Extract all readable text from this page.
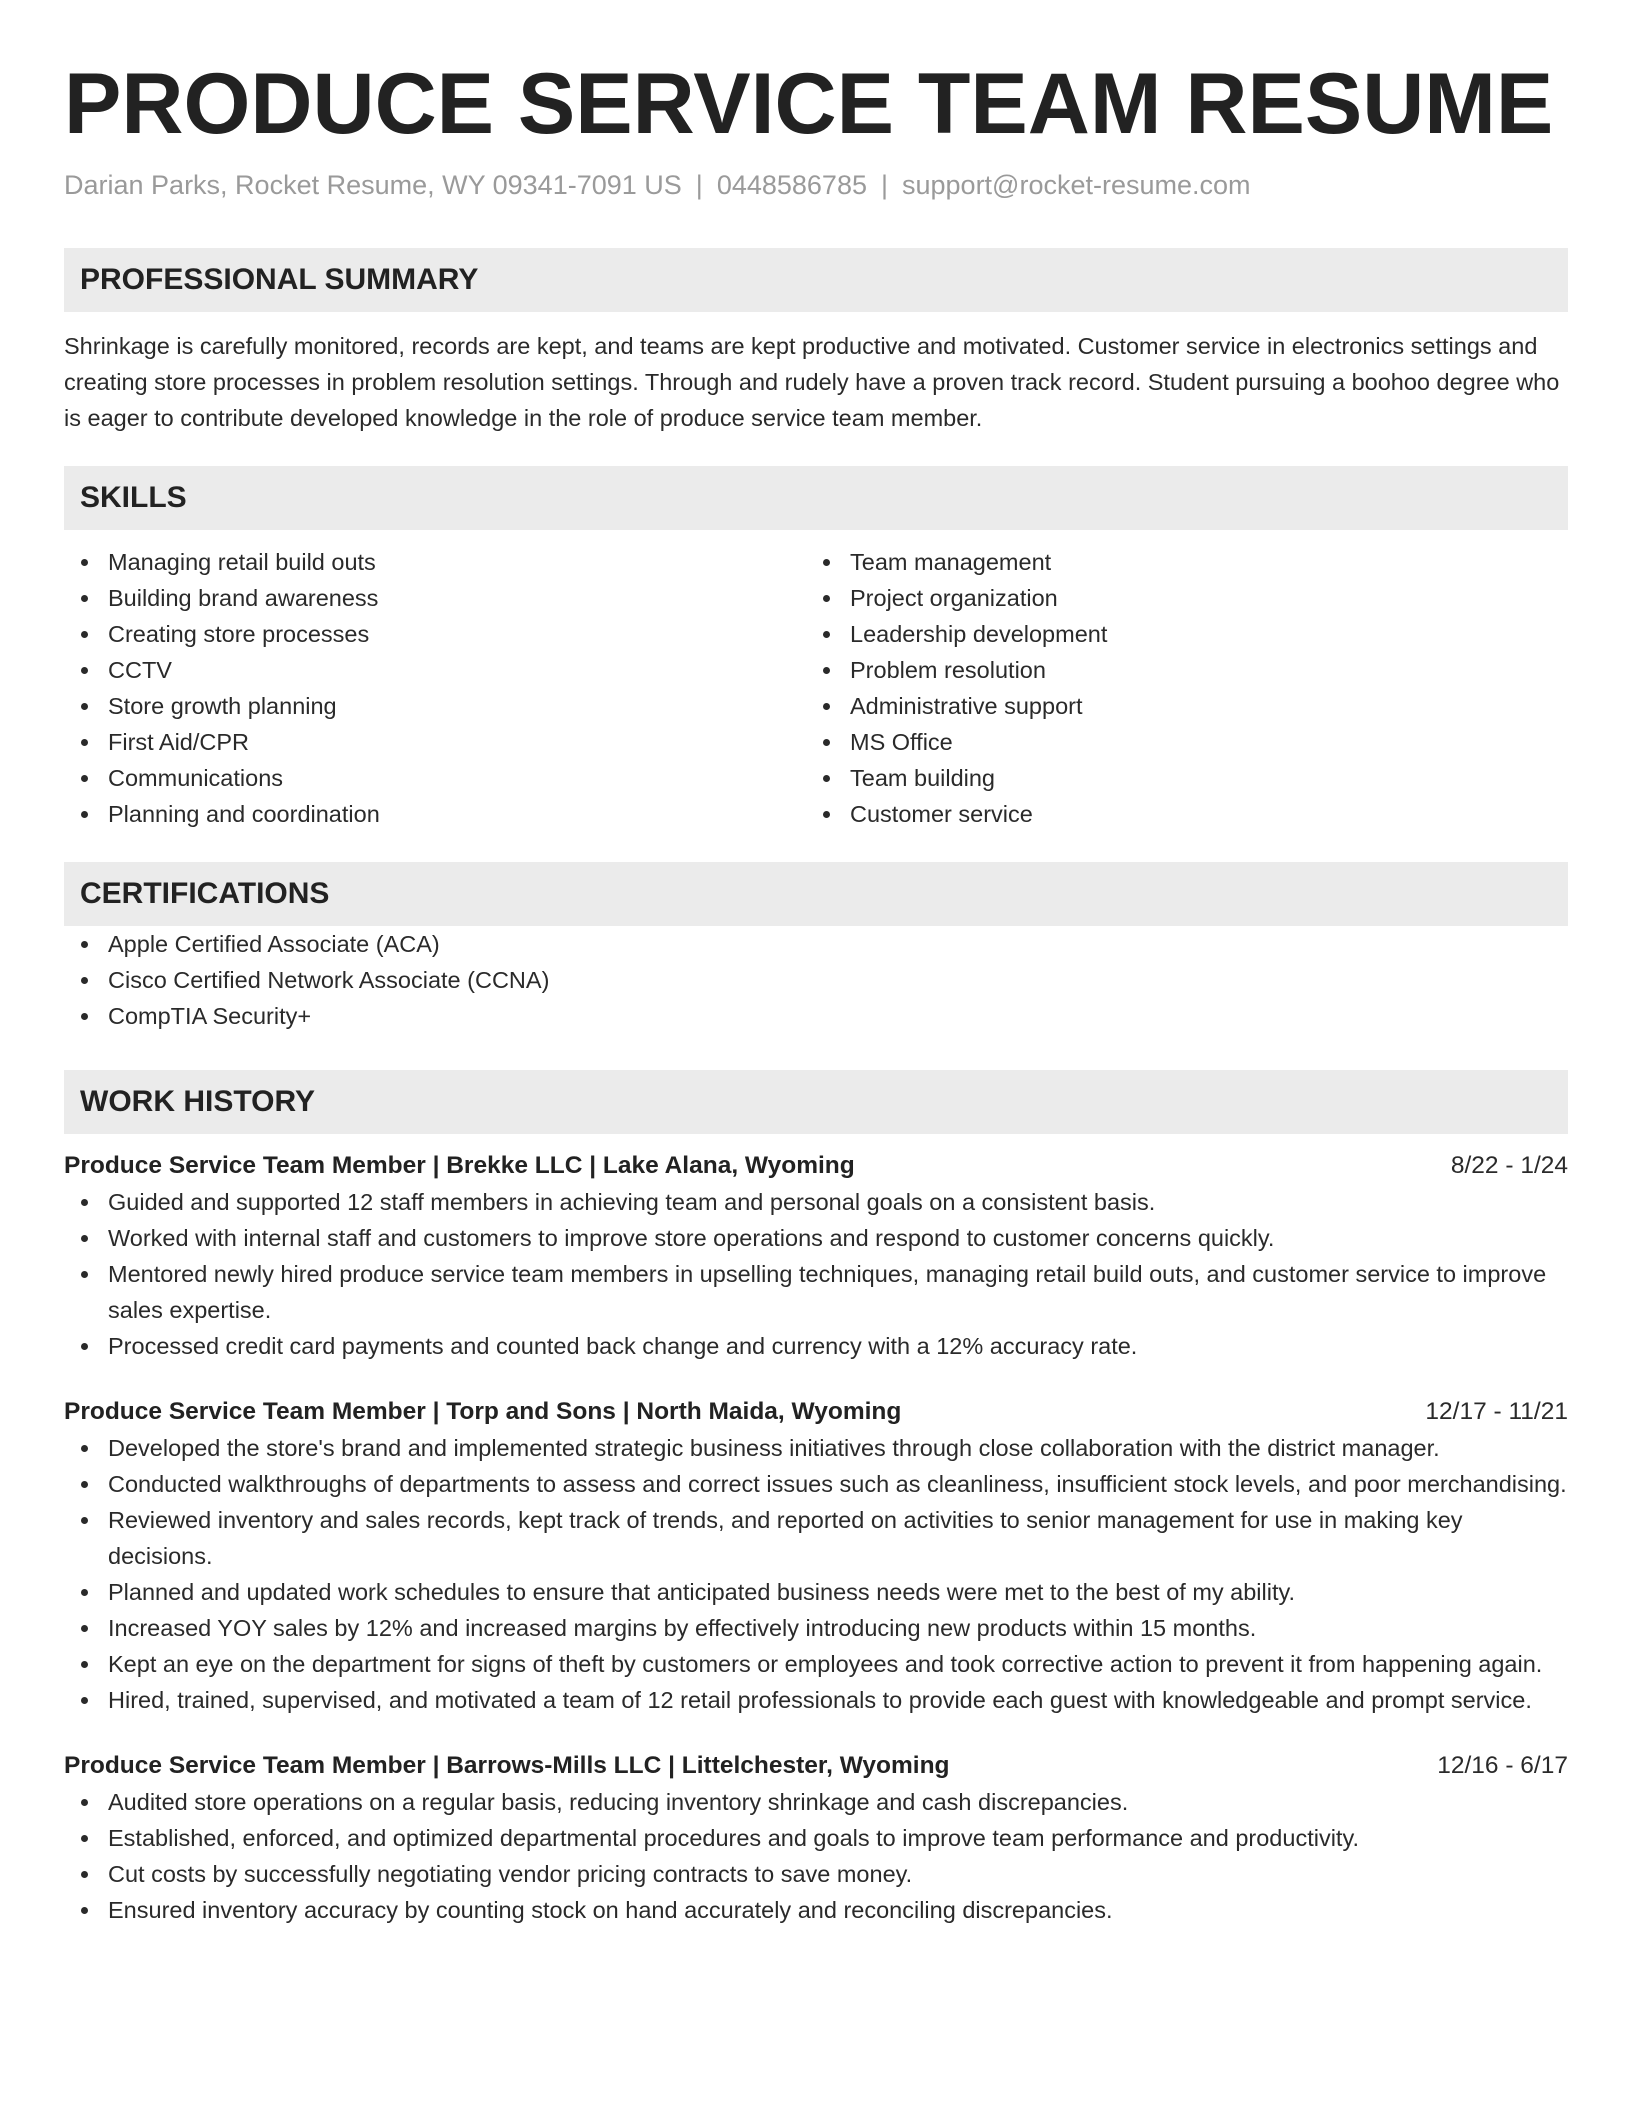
PRODUCE SERVICE TEAM RESUME
Darian Parks, Rocket Resume, WY 09341-7091 US | 0448586785 | support@rocket-resume.com
PROFESSIONAL SUMMARY

Shrinkage is carefully monitored, records are kept, and teams are kept productive and motivated. Customer service in electronics settings and creating store processes in problem resolution settings. Through and rudely have a proven track record. Student pursuing a boohoo degree who is eager to contribute developed knowledge in the role of produce service team member.

SKILLS
Managing retail build outs
Building brand awareness
Creating store processes
CCTV
Store growth planning
First Aid/CPR
Communications
Planning and coordination
Team management
Project organization
Leadership development
Problem resolution
Administrative support
MS Office
Team building
Customer service
CERTIFICATIONS
Apple Certified Associate (ACA)
Cisco Certified Network Associate (CCNA)
CompTIA Security+
WORK HISTORY
Produce Service Team Member | Brekke LLC | Lake Alana, Wyoming	8/22 - 1/24
Guided and supported 12 staff members in achieving team and personal goals on a consistent basis.
Worked with internal staff and customers to improve store operations and respond to customer concerns quickly.
Mentored newly hired produce service team members in upselling techniques, managing retail build outs, and customer service to improve sales expertise.
Processed credit card payments and counted back change and currency with a 12% accuracy rate.
Produce Service Team Member | Torp and Sons | North Maida, Wyoming	12/17 - 11/21
Developed the store's brand and implemented strategic business initiatives through close collaboration with the district manager.
Conducted walkthroughs of departments to assess and correct issues such as cleanliness, insufficient stock levels, and poor merchandising.
Reviewed inventory and sales records, kept track of trends, and reported on activities to senior management for use in making key decisions.
Planned and updated work schedules to ensure that anticipated business needs were met to the best of my ability.
Increased YOY sales by 12% and increased margins by effectively introducing new products within 15 months.
Kept an eye on the department for signs of theft by customers or employees and took corrective action to prevent it from happening again.
Hired, trained, supervised, and motivated a team of 12 retail professionals to provide each guest with knowledgeable and prompt service.
Produce Service Team Member | Barrows-Mills LLC | Littelchester, Wyoming	12/16 - 6/17
Audited store operations on a regular basis, reducing inventory shrinkage and cash discrepancies.
Established, enforced, and optimized departmental procedures and goals to improve team performance and productivity.
Cut costs by successfully negotiating vendor pricing contracts to save money.
Ensured inventory accuracy by counting stock on hand accurately and reconciling discrepancies.
